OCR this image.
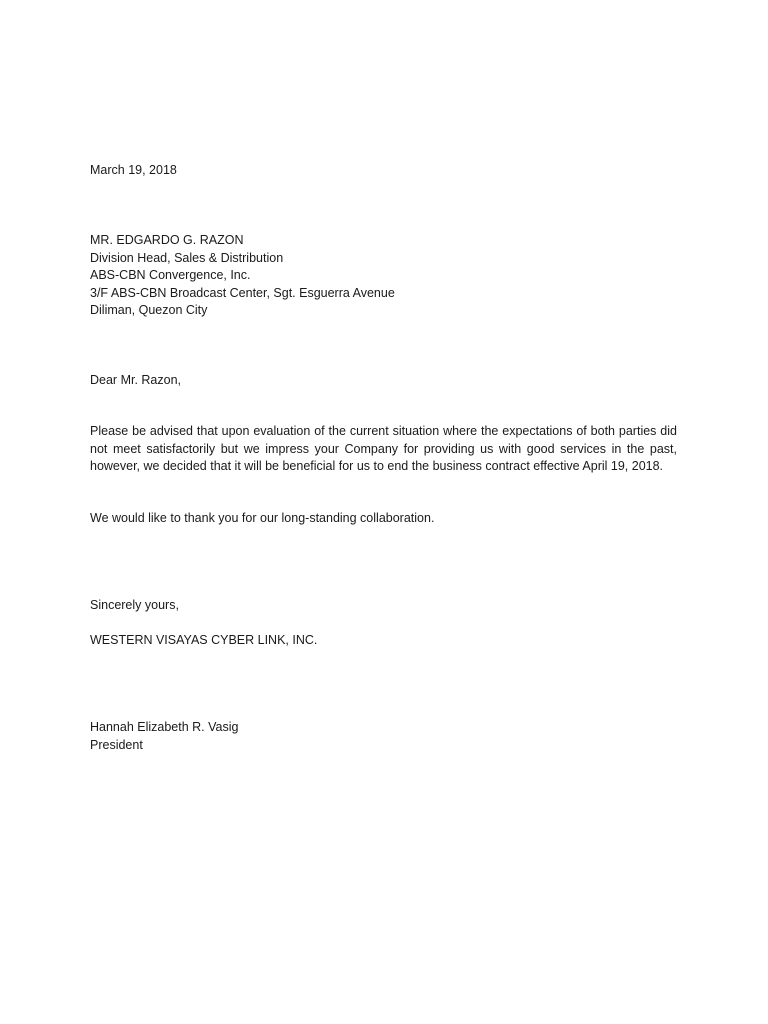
March 19, 2018
MR. EDGARDO G. RAZON
Division Head, Sales & Distribution
ABS-CBN Convergence, Inc.
3/F ABS-CBN Broadcast Center, Sgt. Esguerra Avenue
Diliman, Quezon City
Dear Mr. Razon,
Please be advised that upon evaluation of the current situation where the expectations of both parties did not meet satisfactorily but we impress your Company for providing us with good services in the past, however, we decided that it will be beneficial for us to end the business contract effective April 19, 2018.
We would like to thank you for our long-standing collaboration.
Sincerely yours,
WESTERN VISAYAS CYBER LINK, INC.
Hannah Elizabeth R. Vasig
President
